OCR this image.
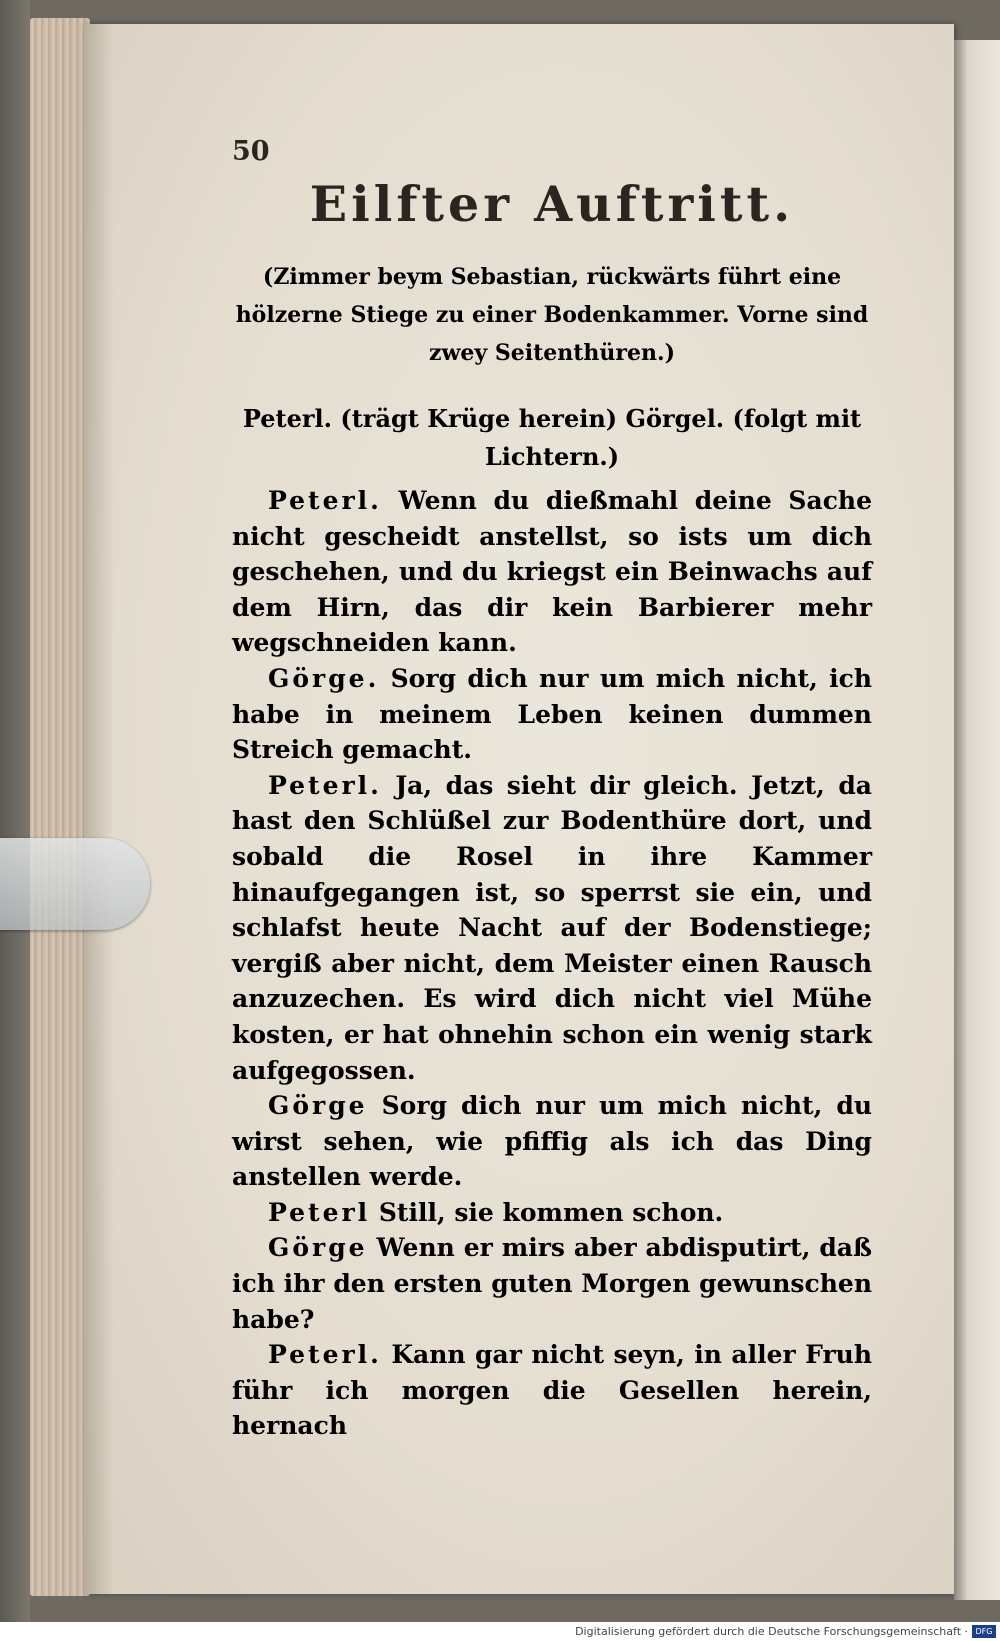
50
Eilfter Auftritt.
(Zimmer beym Sebastian, rückwärts führt eine hölzerne Stiege zu einer Bodenkammer. Vorne sind zwey Seitenthüren.)
Peterl. (trägt Krüge herein) Görgel. (folgt mit Lichtern.)

Peterl. Wenn du dießmahl deine Sache nicht gescheidt anstellst, so ists um dich geschehen, und du kriegst ein Beinwachs auf dem Hirn, das dir kein Barbierer mehr wegschneiden kann.

Görge. Sorg dich nur um mich nicht, ich habe in meinem Leben keinen dummen Streich gemacht.

Peterl. Ja, das sieht dir gleich. Jetzt, da hast den Schlüßel zur Bodenthüre dort, und sobald die Rosel in ihre Kammer hinaufgegangen ist, so sperrst sie ein, und schlafst heute Nacht auf der Bodenstiege; vergiß aber nicht, dem Meister einen Rausch anzuzechen. Es wird dich nicht viel Mühe kosten, er hat ohnehin schon ein wenig stark aufgegossen.

Görge Sorg dich nur um mich nicht, du wirst sehen, wie pfiffig als ich das Ding anstellen werde.

Peterl Still, sie kommen schon.

Görge Wenn er mirs aber abdisputirt, daß ich ihr den ersten guten Morgen gewunschen habe?

Peterl. Kann gar nicht seyn, in aller Fruh führ ich morgen die Gesellen herein, hernach

Digitalisierung gefördert durch die Deutsche Forschungsgemeinschaft · DFG
